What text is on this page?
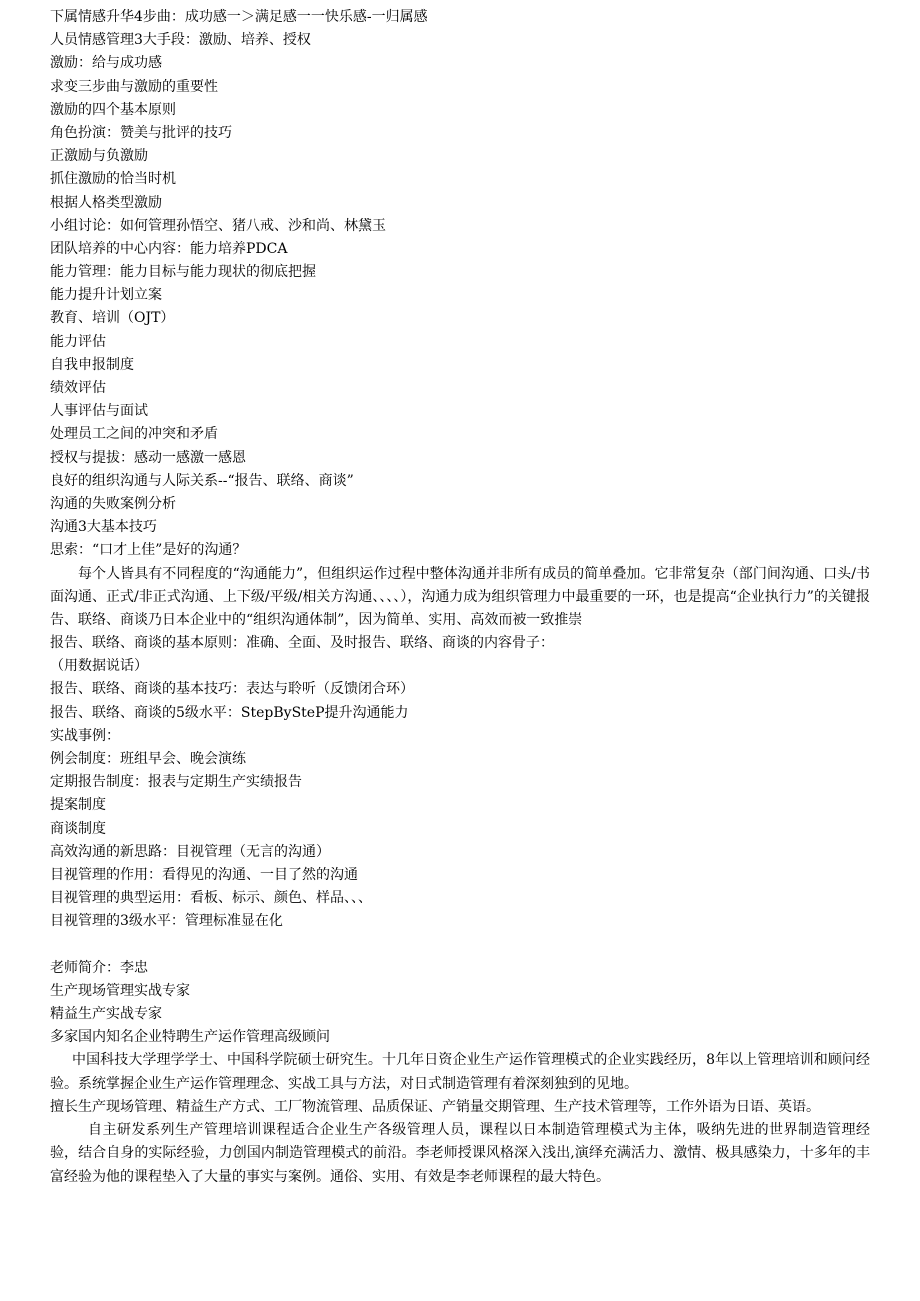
下属情感升华4步曲：成功感一＞满足感一一快乐感-一归属感
人员情感管理3大手段：激励、培养、授权
激励：给与成功感
求变三步曲与激励的重要性
激励的四个基本原则
角色扮演：赞美与批评的技巧
正激励与负激励
抓住激励的恰当时机
根据人格类型激励
小组讨论：如何管理孙悟空、猪八戒、沙和尚、林黛玉
团队培养的中心内容：能力培养PDCA
能力管理：能力目标与能力现状的彻底把握
能力提升计划立案
教育、培训（OJT）
能力评估
自我申报制度
绩效评估
人事评估与面试
处理员工之间的冲突和矛盾
授权与提拔：感动一感激一感恩
良好的组织沟通与人际关系--“报告、联络、商谈”
沟通的失败案例分析
沟通3大基本技巧
思索：“口才上佳”是好的沟通？

每个人皆具有不同程度的“沟通能力”，但组织运作过程中整体沟通并非所有成员的简单叠加。它非常复杂（部门间沟通、口头/书面沟通、正式/非正式沟通、上下级/平级/相关方沟通、、、、），沟通力成为组织管理力中最重要的一环，也是提高“企业执行力”的关键报告、联络、商谈乃日本企业中的“组织沟通体制”，因为简单、实用、高效而被一致推崇

报告、联络、商谈的基本原则：准确、全面、及时报告、联络、商谈的内容骨子：
（用数据说话）
报告、联络、商谈的基本技巧：表达与聆听（反馈闭合环）
报告、联络、商谈的5级水平：StepBySteP提升沟通能力
实战事例：
例会制度：班组早会、晚会演练
定期报告制度：报表与定期生产实绩报告
提案制度
商谈制度
高效沟通的新思路：目视管理（无言的沟通）
目视管理的作用：看得见的沟通、一目了然的沟通
目视管理的典型运用：看板、标示、颜色、样品、、、
目视管理的3级水平：管理标准显在化
老师简介：李忠
生产现场管理实战专家
精益生产实战专家
多家国内知名企业特聘生产运作管理高级顾问

中国科技大学理学学士、中国科学院硕士研究生。十几年日资企业生产运作管理模式的企业实践经历，8年以上管理培训和顾问经验。系统掌握企业生产运作管理理念、实战工具与方法，对日式制造管理有着深刻独到的见地。

擅长生产现场管理、精益生产方式、工厂物流管理、品质保证、产销量交期管理、生产技术管理等，工作外语为日语、英语。

自主研发系列生产管理培训课程适合企业生产各级管理人员，课程以日本制造管理模式为主体，吸纳先进的世界制造管理经验，结合自身的实际经验，力创国内制造管理模式的前沿。李老师授课风格深入浅出,演绎充满活力、激情、极具感染力，十多年的丰富经验为他的课程垫入了大量的事实与案例。通俗、实用、有效是李老师课程的最大特色。
